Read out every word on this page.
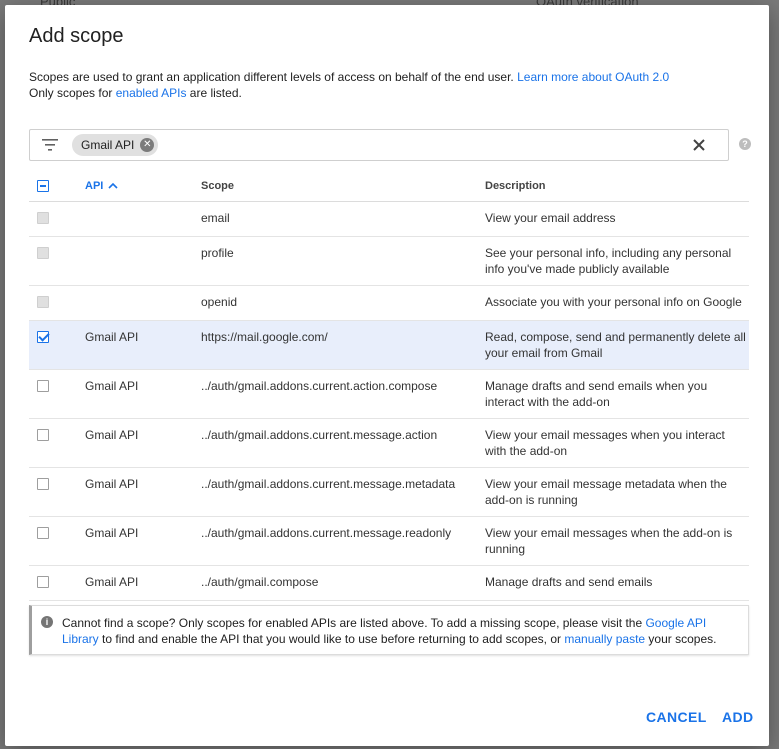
Add scope
Scopes are used to grant an application different levels of access on behalf of the end user. Learn more about OAuth 2.0
Only scopes for enabled APIs are listed.
Gmail API ✕	?
	API	Scope	Description
		email	View your email address
		profile	See your personal info, including any personal info you've made publicly available
		openid	Associate you with your personal info on Google
	Gmail API	https://mail.google.com/	Read, compose, send and permanently delete all your email from Gmail
	Gmail API	../auth/gmail.addons.current.action.compose	Manage drafts and send emails when you interact with the add-on
	Gmail API	../auth/gmail.addons.current.message.action	View your email messages when you interact with the add-on
	Gmail API	../auth/gmail.addons.current.message.metadata	View your email message metadata when the add-on is running
	Gmail API	../auth/gmail.addons.current.message.readonly	View your email messages when the add-on is running
	Gmail API	../auth/gmail.compose	Manage drafts and send emails
i	Cannot find a scope? Only scopes for enabled APIs are listed above. To add a missing scope, please visit the Google API Library to find and enable the API that you would like to use before returning to add scopes, or manually paste your scopes.
CANCEL ADD
